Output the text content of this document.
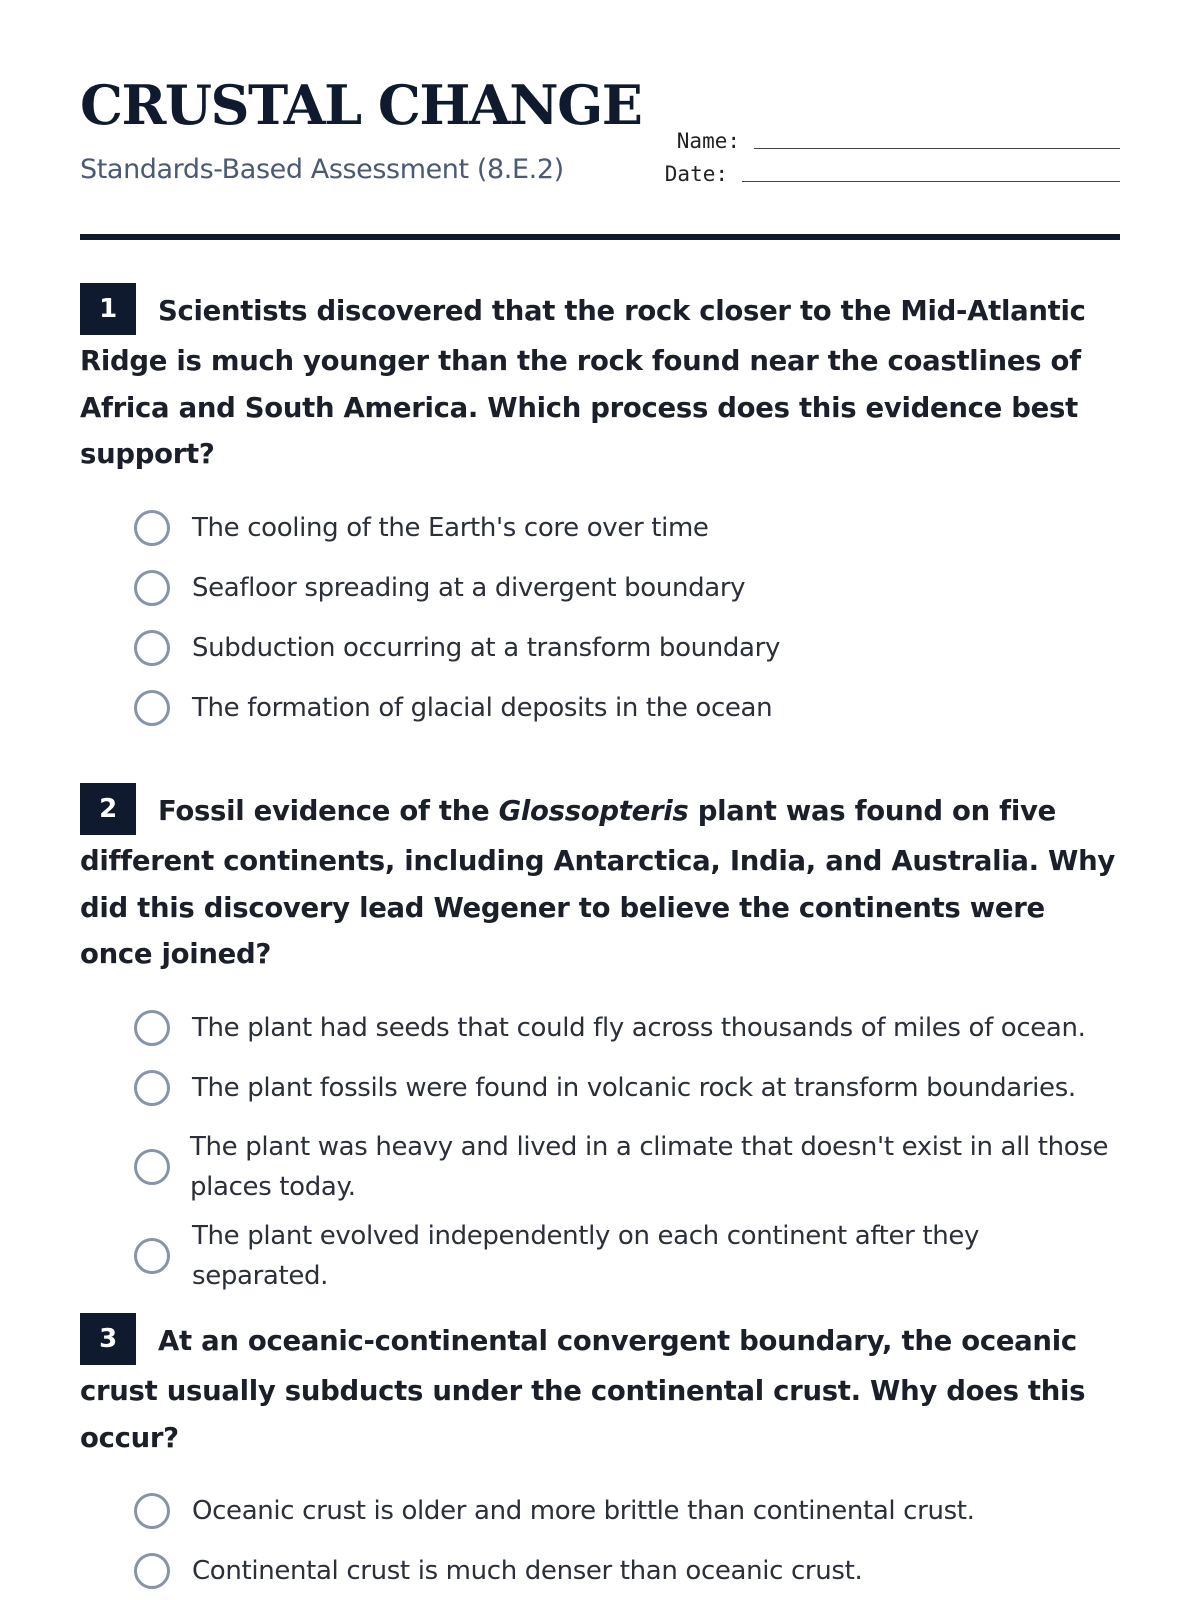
CRUSTAL CHANGE
Standards-Based Assessment (8.E.2)
Name:
Date:
1 Scientists discovered that the rock closer to the Mid-Atlantic Ridge is much younger than the rock found near the coastlines of Africa and South America. Which process does this evidence best support?
The cooling of the Earth's core over time
Seafloor spreading at a divergent boundary
Subduction occurring at a transform boundary
The formation of glacial deposits in the ocean
2 Fossil evidence of the Glossopteris plant was found on five different continents, including Antarctica, India, and Australia. Why did this discovery lead Wegener to believe the continents were once joined?
The plant had seeds that could fly across thousands of miles of ocean.
The plant fossils were found in volcanic rock at transform boundaries.
The plant was heavy and lived in a climate that doesn't exist in all those places today.
The plant evolved independently on each continent after they separated.
3 At an oceanic-continental convergent boundary, the oceanic crust usually subducts under the continental crust. Why does this occur?
Oceanic crust is older and more brittle than continental crust.
Continental crust is much denser than oceanic crust.
